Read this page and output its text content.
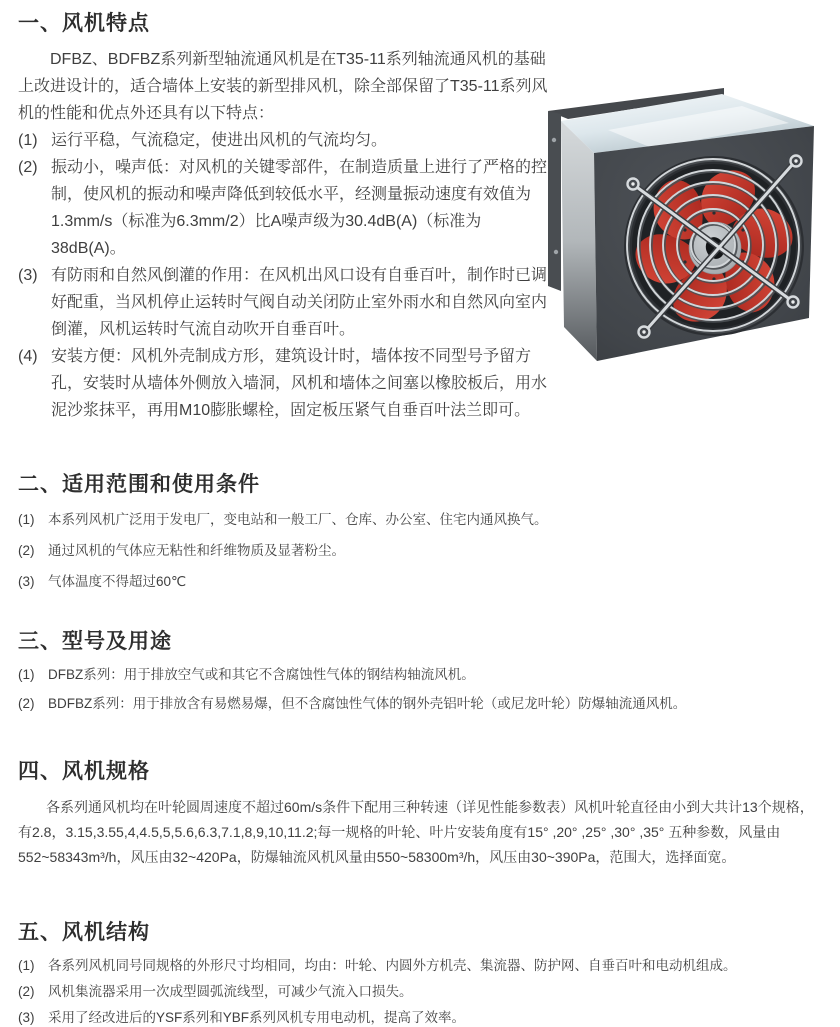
一、风机特点

DFBZ、BDFBZ系列新型轴流通风机是在T35-11系列轴流通风机的基础上改进设计的，适合墙体上安装的新型排风机，除全部保留了T35-11系列风机的性能和优点外还具有以下特点：

(1) 运行平稳，气流稳定，使进出风机的气流均匀。
(2) 振动小，噪声低：对风机的关键零部件，在制造质量上进行了严格的控制，使风机的振动和噪声降低到较低水平，经测量振动速度有效值为1.3mm/s（标准为6.3mm/2）比A噪声级为30.4dB(A)（标准为38dB(A)。
(3) 有防雨和自然风倒灌的作用：在风机出风口设有自垂百叶，制作时已调好配重，当风机停止运转时气阀自动关闭防止室外雨水和自然风向室内倒灌，风机运转时气流自动吹开自垂百叶。
(4) 安装方便：风机外壳制成方形，建筑设计时，墙体按不同型号予留方孔，安装时从墙体外侧放入墙洞，风机和墙体之间塞以橡胶板后，用水泥沙浆抹平，再用M10膨胀螺栓，固定板压紧气自垂百叶法兰即可。
二、适用范围和使用条件
(1) 本系列风机广泛用于发电厂，变电站和一般工厂、仓库、办公室、住宅内通风换气。
(2) 通过风机的气体应无粘性和纤维物质及显著粉尘。
(3) 气体温度不得超过60℃
三、型号及用途
(1) DFBZ系列：用于排放空气或和其它不含腐蚀性气体的钢结构轴流风机。
(2) BDFBZ系列：用于排放含有易燃易爆，但不含腐蚀性气体的钢外壳铝叶轮（或尼龙叶轮）防爆轴流通风机。
四、风机规格

各系列通风机均在叶轮圆周速度不超过60m/s条件下配用三种转速（详见性能参数表）风机叶轮直径由小到大共计13个规格，有2.8，3.15,3.55,4,4.5,5,5.6,6.3,7.1,8,9,10,11.2;每一规格的叶轮、叶片安装角度有15° ,20° ,25° ,30° ,35° 五种参数，风量由552~58343m³/h，风压由32~420Pa，防爆轴流风机风量由550~58300m³/h，风压由30~390Pa，范围大，选择面宽。

五、风机结构
(1) 各系列风机同号同规格的外形尺寸均相同，均由：叶轮、内圆外方机壳、集流器、防护网、自垂百叶和电动机组成。
(2) 风机集流器采用一次成型圆弧流线型，可减少气流入口损失。
(3) 采用了经改进后的YSF系列和YBF系列风机专用电动机，提高了效率。
